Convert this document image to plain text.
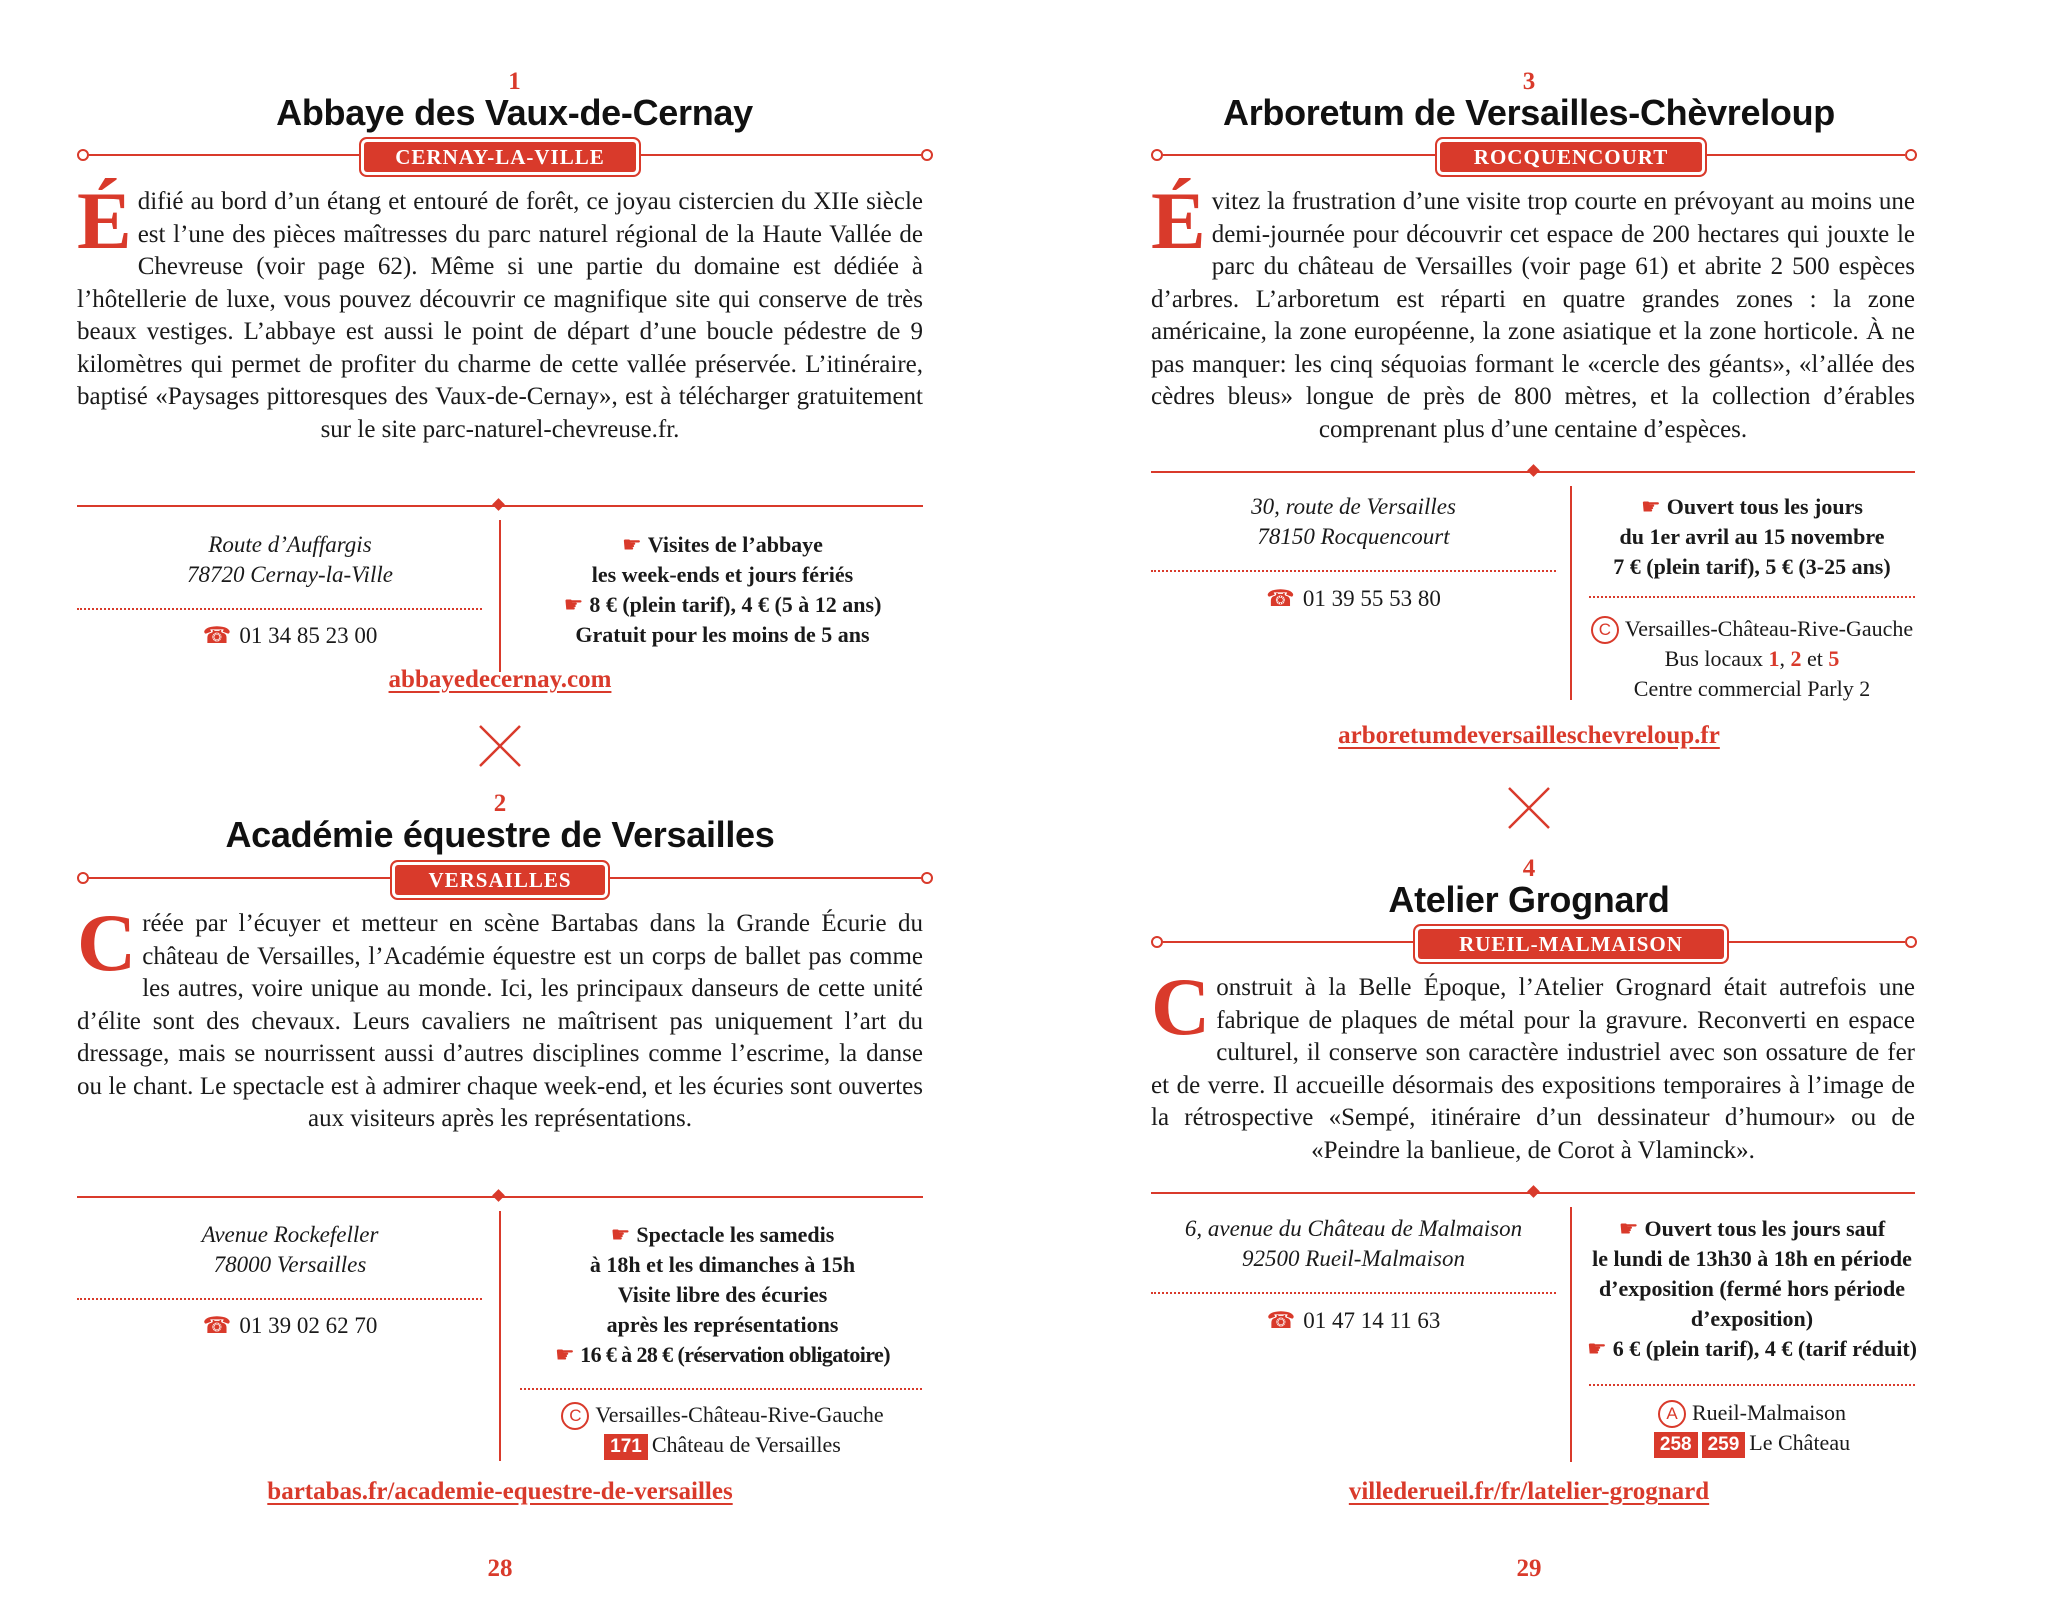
1
Abbaye des Vaux-de-Cernay
CERNAY-LA-VILLE
Édifié au bord d’un étang et entouré de forêt, ce joyau cistercien du XIIe siècle est l’une des pièces maîtresses du parc naturel régional de la Haute Vallée de Chevreuse (voir page 62). Même si une partie du domaine est dédiée à l’hôtellerie de luxe, vous pouvez découvrir ce magnifique site qui conserve de très beaux vestiges. L’abbaye est aussi le point de départ d’une boucle pédestre de 9 kilomètres qui permet de profiter du charme de cette vallée préservée. L’itinéraire, baptisé «Paysages pittoresques des Vaux-de-Cernay», est à télécharger gratuitement sur le site parc-naturel-chevreuse.fr.
Route d’Auffargis
78720 Cernay-la-Ville
☎ 01 34 85 23 00
☛ Visites de l’abbaye
les week-ends et jours fériés
☛ 8 € (plein tarif), 4 € (5 à 12 ans)
Gratuit pour les moins de 5 ans
abbayedecernay.com
2
Académie équestre de Versailles
VERSAILLES
Créée par l’écuyer et metteur en scène Bartabas dans la Grande Écurie du château de Versailles, l’Académie équestre est un corps de ballet pas comme les autres, voire unique au monde. Ici, les principaux danseurs de cette unité d’élite sont des chevaux. Leurs cavaliers ne maîtrisent pas uniquement l’art du dressage, mais se nourrissent aussi d’autres disciplines comme l’escrime, la danse ou le chant. Le spectacle est à admirer chaque week-end, et les écuries sont ouvertes aux visiteurs après les représentations.
Avenue Rockefeller
78000 Versailles
☎ 01 39 02 62 70
☛ Spectacle les samedis
à 18h et les dimanches à 15h
Visite libre des écuries
après les représentations
☛ 16 € à 28 € (réservation obligatoire)
C Versailles-Château-Rive-Gauche
171 Château de Versailles
bartabas.fr/academie-equestre-de-versailles
28
3
Arboretum de Versailles-Chèvreloup
ROCQUENCOURT
Évitez la frustration d’une visite trop courte en prévoyant au moins une demi-journée pour découvrir cet espace de 200 hectares qui jouxte le parc du château de Versailles (voir page 61) et abrite 2 500 espèces d’arbres. L’arboretum est réparti en quatre grandes zones : la zone américaine, la zone européenne, la zone asiatique et la zone horticole. À ne pas manquer: les cinq séquoias formant le «cercle des géants», «l’allée des cèdres bleus» longue de près de 800 mètres, et la collection d’érables comprenant plus d’une centaine d’espèces.
30, route de Versailles
78150 Rocquencourt
☎ 01 39 55 53 80
☛ Ouvert tous les jours
du 1er avril au 15 novembre
7 € (plein tarif), 5 € (3-25 ans)
C Versailles-Château-Rive-Gauche
Bus locaux 1, 2 et 5
Centre commercial Parly 2
arboretumdeversailleschevreloup.fr
4
Atelier Grognard
RUEIL-MALMAISON
Construit à la Belle Époque, l’Atelier Grognard était autrefois une fabrique de plaques de métal pour la gravure. Reconverti en espace culturel, il conserve son caractère industriel avec son ossature de fer et de verre. Il accueille désormais des expositions temporaires à l’image de la rétrospective «Sempé, itinéraire d’un dessinateur d’humour» ou de «Peindre la banlieue, de Corot à Vlaminck».
6, avenue du Château de Malmaison
92500 Rueil-Malmaison
☎ 01 47 14 11 63
☛ Ouvert tous les jours sauf
le lundi de 13h30 à 18h en période
d’exposition (fermé hors période
d’exposition)
☛ 6 € (plein tarif), 4 € (tarif réduit)
A Rueil-Malmaison
258 259 Le Château
villederueil.fr/fr/latelier-grognard
29
